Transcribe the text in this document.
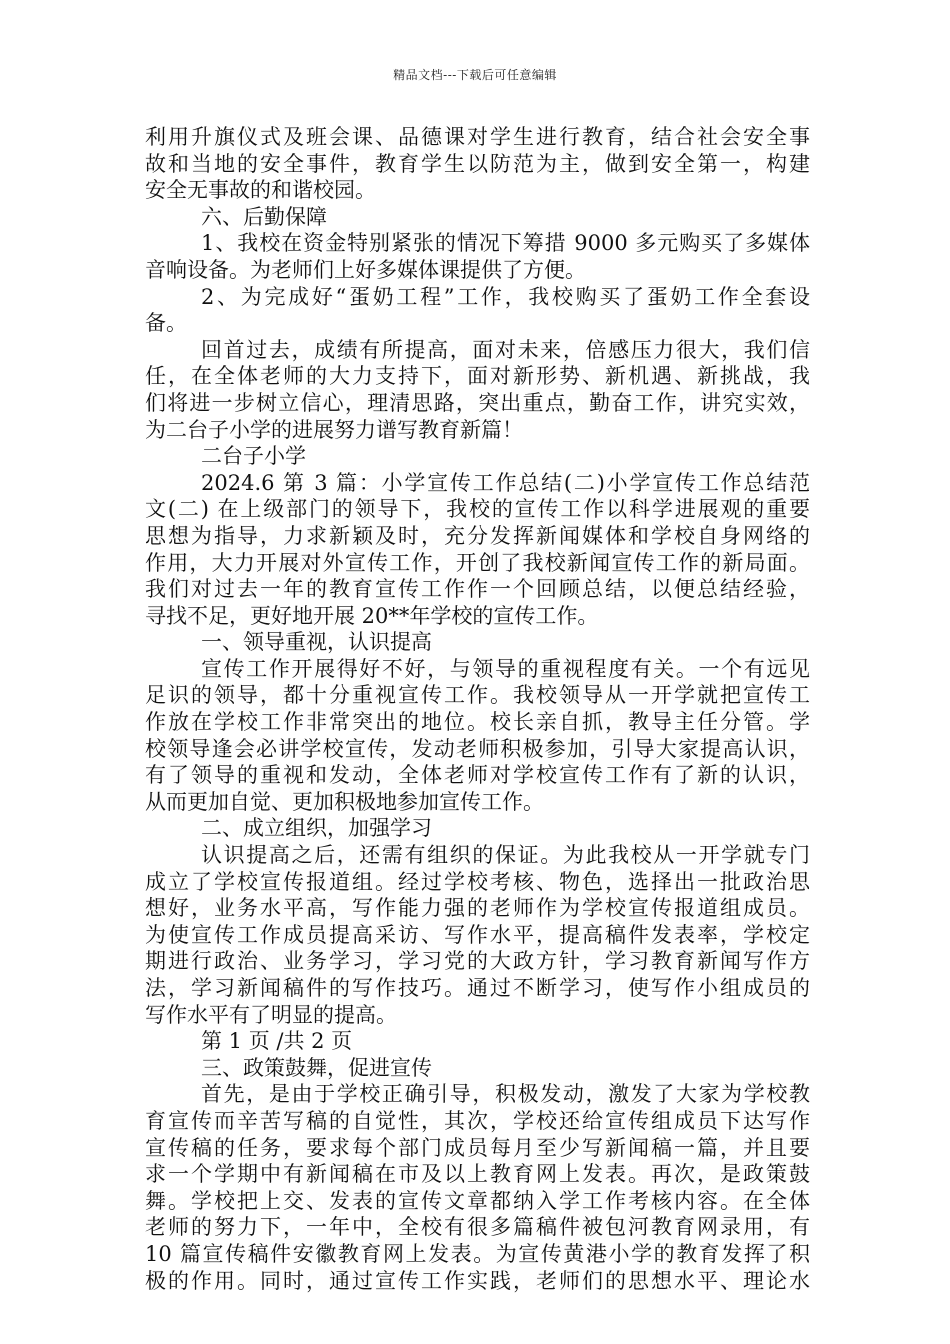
精品文档---下载后可任意编辑
利用升旗仪式及班会课、品德课对学生进行教育，结合社会安全事
故和当地的安全事件，教育学生以防范为主，做到安全第一，构建
安全无事故的和谐校园。
六、后勤保障
1、我校在资金特别紧张的情况下筹措 9000 多元购买了多媒体
音响设备。为老师们上好多媒体课提供了方便。
2、为完成好“蛋奶工程”工作，我校购买了蛋奶工作全套设
备。
回首过去，成绩有所提高，面对未来，倍感压力很大，我们信
任，在全体老师的大力支持下，面对新形势、新机遇、新挑战，我
们将进一步树立信心，理清思路，突出重点，勤奋工作，讲究实效，
为二台子小学的进展努力谱写教育新篇！
二台子小学
2024.6 第 3 篇：小学宣传工作总结(二)小学宣传工作总结范
文(二) 在上级部门的领导下，我校的宣传工作以科学进展观的重要
思想为指导，力求新颖及时，充分发挥新闻媒体和学校自身网络的
作用，大力开展对外宣传工作，开创了我校新闻宣传工作的新局面。
我们对过去一年的教育宣传工作作一个回顾总结，以便总结经验，
寻找不足，更好地开展 20**年学校的宣传工作。
一、领导重视，认识提高
宣传工作开展得好不好，与领导的重视程度有关。一个有远见
足识的领导，都十分重视宣传工作。我校领导从一开学就把宣传工
作放在学校工作非常突出的地位。校长亲自抓，教导主任分管。学
校领导逢会必讲学校宣传，发动老师积极参加，引导大家提高认识，
有了领导的重视和发动，全体老师对学校宣传工作有了新的认识，
从而更加自觉、更加积极地参加宣传工作。
二、成立组织，加强学习
认识提高之后，还需有组织的保证。为此我校从一开学就专门
成立了学校宣传报道组。经过学校考核、物色，选择出一批政治思
想好，业务水平高，写作能力强的老师作为学校宣传报道组成员。
为使宣传工作成员提高采访、写作水平，提高稿件发表率，学校定
期进行政治、业务学习，学习党的大政方针，学习教育新闻写作方
法，学习新闻稿件的写作技巧。通过不断学习，使写作小组成员的
写作水平有了明显的提高。
第 1 页 /共 2 页
三、政策鼓舞，促进宣传
首先，是由于学校正确引导，积极发动，激发了大家为学校教
育宣传而辛苦写稿的自觉性，其次，学校还给宣传组成员下达写作
宣传稿的任务，要求每个部门成员每月至少写新闻稿一篇，并且要
求一个学期中有新闻稿在市及以上教育网上发表。再次，是政策鼓
舞。学校把上交、发表的宣传文章都纳入学工作考核内容。在全体
老师的努力下，一年中，全校有很多篇稿件被包河教育网录用，有
10 篇宣传稿件安徽教育网上发表。为宣传黄港小学的教育发挥了积
极的作用。同时，通过宣传工作实践，老师们的思想水平、理论水
